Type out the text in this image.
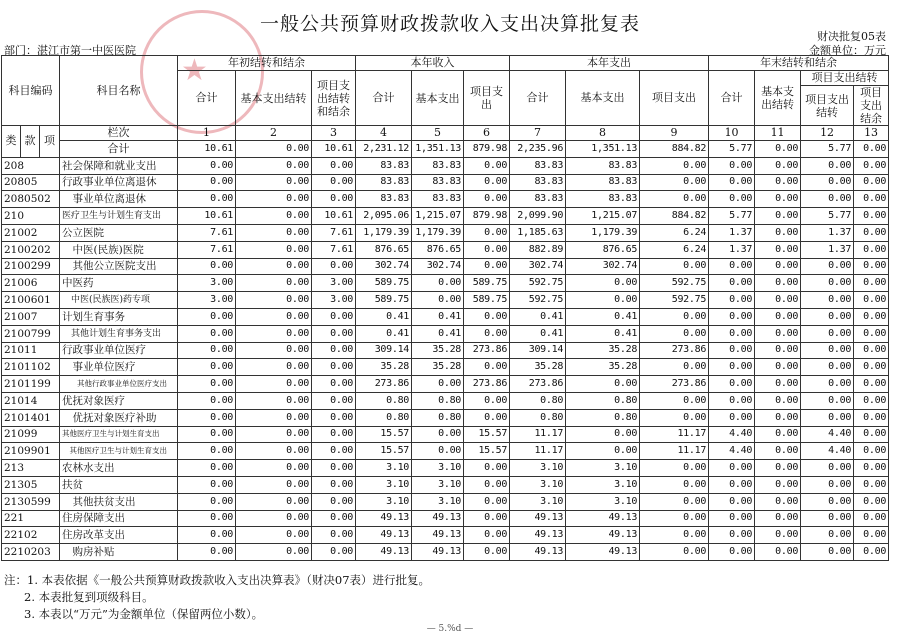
一般公共预算财政拨款收入支出决算批复表
财决批复05表
部门：湛江市第一中医医院	金额单位：万元
★
科目编码			科目名称	年初结转和结余			本年收入			本年支出			年末结转和结余			
				合计	基本支出结转	项目支出结转和结余	合计	基本支出	项目支出	合计	基本支出	项目支出	合计	基本支出结转	项目支出结转	
															项目支出结转	项目支出结余
类	款	项	栏次	1	2	3	4	5	6	7	8	9	10	11	12	13
			合计	10.61	0.00	10.61	2,231.12	1,351.13	879.98	2,235.96	1,351.13	884.82	5.77	0.00	5.77	0.00
208			社会保障和就业支出	0.00	0.00	0.00	83.83	83.83	0.00	83.83	83.83	0.00	0.00	0.00	0.00	0.00
20805			行政事业单位离退休	0.00	0.00	0.00	83.83	83.83	0.00	83.83	83.83	0.00	0.00	0.00	0.00	0.00
2080502			　事业单位离退休	0.00	0.00	0.00	83.83	83.83	0.00	83.83	83.83	0.00	0.00	0.00	0.00	0.00
210			医疗卫生与计划生育支出	10.61	0.00	10.61	2,095.06	1,215.07	879.98	2,099.90	1,215.07	884.82	5.77	0.00	5.77	0.00
21002			公立医院	7.61	0.00	7.61	1,179.39	1,179.39	0.00	1,185.63	1,179.39	6.24	1.37	0.00	1.37	0.00
2100202			　中医(民族)医院	7.61	0.00	7.61	876.65	876.65	0.00	882.89	876.65	6.24	1.37	0.00	1.37	0.00
2100299			　其他公立医院支出	0.00	0.00	0.00	302.74	302.74	0.00	302.74	302.74	0.00	0.00	0.00	0.00	0.00
21006			中医药	3.00	0.00	3.00	589.75	0.00	589.75	592.75	0.00	592.75	0.00	0.00	0.00	0.00
2100601			　中医(民族医)药专项	3.00	0.00	3.00	589.75	0.00	589.75	592.75	0.00	592.75	0.00	0.00	0.00	0.00
21007			计划生育事务	0.00	0.00	0.00	0.41	0.41	0.00	0.41	0.41	0.00	0.00	0.00	0.00	0.00
2100799			　其他计划生育事务支出	0.00	0.00	0.00	0.41	0.41	0.00	0.41	0.41	0.00	0.00	0.00	0.00	0.00
21011			行政事业单位医疗	0.00	0.00	0.00	309.14	35.28	273.86	309.14	35.28	273.86	0.00	0.00	0.00	0.00
2101102			　事业单位医疗	0.00	0.00	0.00	35.28	35.28	0.00	35.28	35.28	0.00	0.00	0.00	0.00	0.00
2101199			　　其他行政事业单位医疗支出	0.00	0.00	0.00	273.86	0.00	273.86	273.86	0.00	273.86	0.00	0.00	0.00	0.00
21014			优抚对象医疗	0.00	0.00	0.00	0.80	0.80	0.00	0.80	0.80	0.00	0.00	0.00	0.00	0.00
2101401			　优抚对象医疗补助	0.00	0.00	0.00	0.80	0.80	0.00	0.80	0.80	0.00	0.00	0.00	0.00	0.00
21099			其他医疗卫生与计划生育支出	0.00	0.00	0.00	15.57	0.00	15.57	11.17	0.00	11.17	4.40	0.00	4.40	0.00
2109901			　其他医疗卫生与计划生育支出	0.00	0.00	0.00	15.57	0.00	15.57	11.17	0.00	11.17	4.40	0.00	4.40	0.00
213			农林水支出	0.00	0.00	0.00	3.10	3.10	0.00	3.10	3.10	0.00	0.00	0.00	0.00	0.00
21305			扶贫	0.00	0.00	0.00	3.10	3.10	0.00	3.10	3.10	0.00	0.00	0.00	0.00	0.00
2130599			　其他扶贫支出	0.00	0.00	0.00	3.10	3.10	0.00	3.10	3.10	0.00	0.00	0.00	0.00	0.00
221			住房保障支出	0.00	0.00	0.00	49.13	49.13	0.00	49.13	49.13	0.00	0.00	0.00	0.00	0.00
22102			住房改革支出	0.00	0.00	0.00	49.13	49.13	0.00	49.13	49.13	0.00	0.00	0.00	0.00	0.00
2210203			　购房补贴	0.00	0.00	0.00	49.13	49.13	0.00	49.13	49.13	0.00	0.00	0.00	0.00	0.00
注：1. 本表依据《一般公共预算财政拨款收入支出决算表》（财决07表）进行批复。
2. 本表批复到项级科目。
3. 本表以“万元”为金额单位（保留两位小数）。
— 5.%d —
